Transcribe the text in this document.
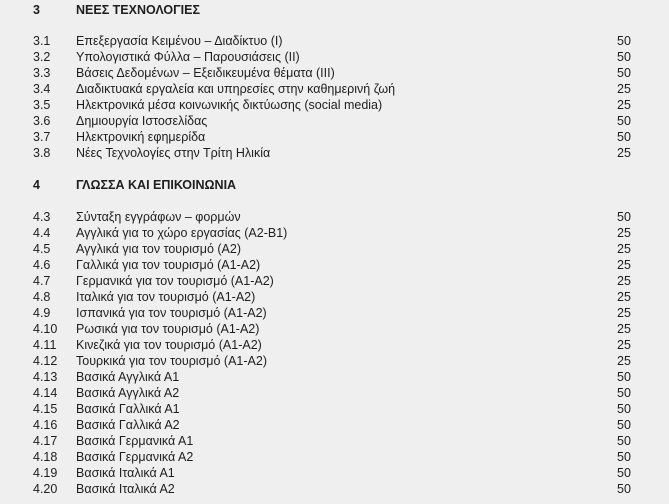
3	ΝΕΕΣ ΤΕΧΝΟΛΟΓΙΕΣ
3.1 Επεξεργασία Κειμένου – Διαδίκτυο (Ι)	50
3.2 Υπολογιστικά Φύλλα – Παρουσιάσεις (ΙΙ)	50
3.3 Βάσεις Δεδομένων – Εξειδικευμένα θέματα (ΙΙΙ)	50
3.4 Διαδικτυακά εργαλεία και υπηρεσίες στην καθημερινή ζωή	25
3.5 Ηλεκτρονικά μέσα κοινωνικής δικτύωσης (social media)	25
3.6 Δημιουργία Ιστοσελίδας	50
3.7 Ηλεκτρονική εφημερίδα	50
3.8 Νέες Τεχνολογίες στην Τρίτη Ηλικία	25
4	ΓΛΩΣΣΑ ΚΑΙ ΕΠΙΚΟΙΝΩΝΙΑ
4.3 Σύνταξη εγγράφων – φορμών	50
4.4 Αγγλικά για το χώρο εργασίας (Α2-Β1)	25
4.5 Αγγλικά για τον τουρισμό (Α2)	25
4.6 Γαλλικά για τον τουρισμό (Α1-Α2)	25
4.7 Γερμανικά για τον τουρισμό (Α1-Α2)	25
4.8 Ιταλικά για τον τουρισμό (Α1-Α2)	25
4.9 Ισπανικά για τον τουρισμό (Α1-Α2)	25
4.10 Ρωσικά για τον τουρισμό (Α1-Α2)	25
4.11 Κινεζικά για τον τουρισμό (Α1-Α2)	25
4.12 Τουρκικά για τον τουρισμό (Α1-Α2)	25
4.13 Βασικά Αγγλικά Α1	50
4.14 Βασικά Αγγλικά Α2	50
4.15 Βασικά Γαλλικά Α1	50
4.16 Βασικά Γαλλικά Α2	50
4.17 Βασικά Γερμανικά Α1	50
4.18 Βασικά Γερμανικά Α2	50
4.19 Βασικά Ιταλικά Α1	50
4.20 Βασικά Ιταλικά Α2	50
